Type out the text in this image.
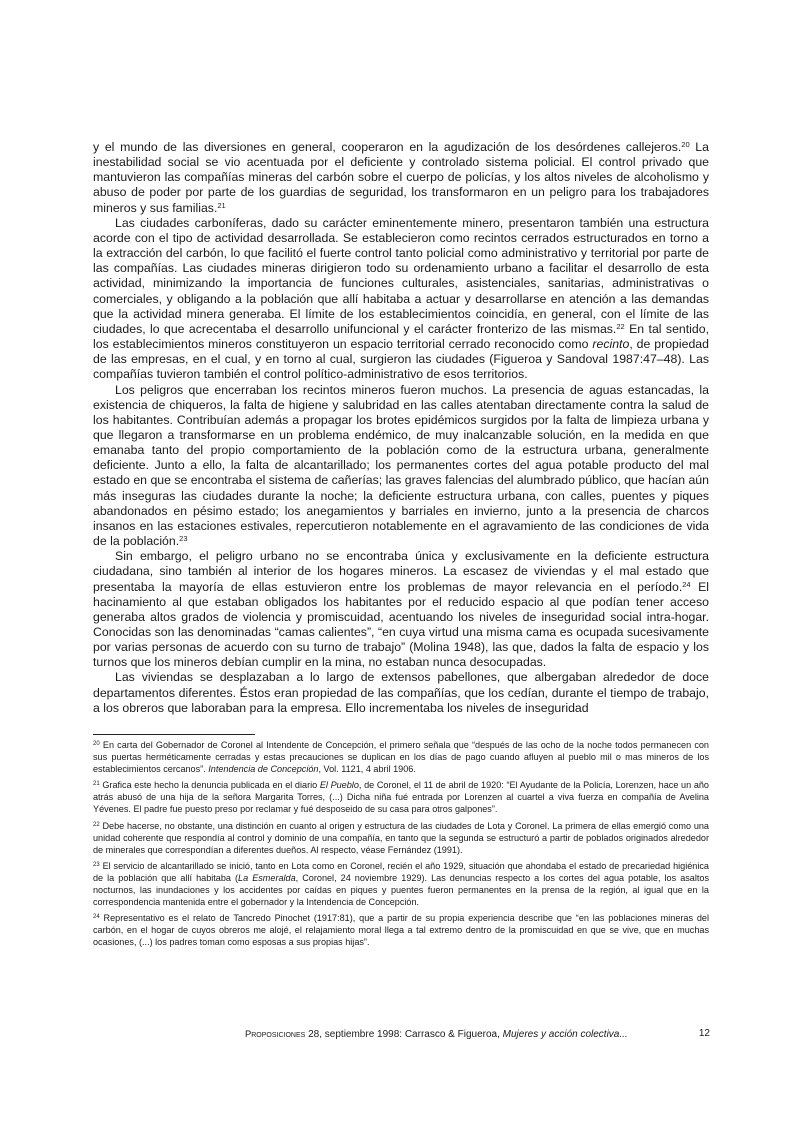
y el mundo de las diversiones en general, cooperaron en la agudización de los desórdenes callejeros.$^{20}$ La inestabilidad social se vio acentuada por el deficiente y controlado sistema policial. El control privado que mantuvieron las compañías mineras del carbón sobre el cuerpo de policías, y los altos niveles de alcoholismo y abuso de poder por parte de los guardias de seguridad, los transformaron en un peligro para los trabajadores mineros y sus familias.$^{21}$

Las ciudades carboníferas, dado su carácter eminentemente minero, presentaron también una estructura acorde con el tipo de actividad desarrollada. Se establecieron como recintos cerrados estructurados en torno a la extracción del carbón, lo que facilitó el fuerte control tanto policial como administrativo y territorial por parte de las compañías. Las ciudades mineras dirigieron todo su ordenamiento urbano a facilitar el desarrollo de esta actividad, minimizando la importancia de funciones culturales, asistenciales, sanitarias, administrativas o comerciales, y obligando a la población que allí habitaba a actuar y desarrollarse en atención a las demandas que la actividad minera generaba. El límite de los establecimientos coincidía, en general, con el límite de las ciudades, lo que acrecentaba el desarrollo unifuncional y el carácter fronterizo de las mismas.$^{22}$ En tal sentido, los establecimientos mineros constituyeron un espacio territorial cerrado reconocido como recinto, de propiedad de las empresas, en el cual, y en torno al cual, surgieron las ciudades (Figueroa y Sandoval 1987:47–48). Las compañías tuvieron también el control político-administrativo de esos territorios.

Los peligros que encerraban los recintos mineros fueron muchos. La presencia de aguas estancadas, la existencia de chiqueros, la falta de higiene y salubridad en las calles atentaban directamente contra la salud de los habitantes. Contribuían además a propagar los brotes epidémicos surgidos por la falta de limpieza urbana y que llegaron a transformarse en un problema endémico, de muy inalcanzable solución, en la medida en que emanaba tanto del propio comportamiento de la población como de la estructura urbana, generalmente deficiente. Junto a ello, la falta de alcantarillado; los permanentes cortes del agua potable producto del mal estado en que se encontraba el sistema de cañerías; las graves falencias del alumbrado público, que hacían aún más inseguras las ciudades durante la noche; la deficiente estructura urbana, con calles, puentes y piques abandonados en pésimo estado; los anegamientos y barriales en invierno, junto a la presencia de charcos insanos en las estaciones estivales, repercutieron notablemente en el agravamiento de las condiciones de vida de la población.$^{23}$

Sin embargo, el peligro urbano no se encontraba única y exclusivamente en la deficiente estructura ciudadana, sino también al interior de los hogares mineros. La escasez de viviendas y el mal estado que presentaba la mayoría de ellas estuvieron entre los problemas de mayor relevancia en el período.$^{24}$ El hacinamiento al que estaban obligados los habitantes por el reducido espacio al que podían tener acceso generaba altos grados de violencia y promiscuidad, acentuando los niveles de inseguridad social intra-hogar. Conocidas son las denominadas “camas calientes”, “en cuya virtud una misma cama es ocupada sucesivamente por varias personas de acuerdo con su turno de trabajo” (Molina 1948), las que, dados la falta de espacio y los turnos que los mineros debían cumplir en la mina, no estaban nunca desocupadas.

Las viviendas se desplazaban a lo largo de extensos pabellones, que albergaban alrededor de doce departamentos diferentes. Éstos eran propiedad de las compañías, que los cedían, durante el tiempo de trabajo, a los obreros que laboraban para la empresa. Ello incrementaba los niveles de inseguridad

$^{20}$ En carta del Gobernador de Coronel al Intendente de Concepción, el primero señala que “después de las ocho de la noche todos permanecen con sus puertas herméticamente cerradas y estas precauciones se duplican en los días de pago cuando afluyen al pueblo mil o mas mineros de los establecimientos cercanos”. Intendencia de Concepción, Vol. 1121, 4 abril 1906.

$^{21}$ Grafica este hecho la denuncia publicada en el diario El Pueblo, de Coronel, el 11 de abril de 1920: “El Ayudante de la Policía, Lorenzen, hace un año atrás abusó de una hija de la señora Margarita Torres, (...) Dicha niña fué entrada por Lorenzen al cuartel a viva fuerza en compañía de Avelina Yévenes. El padre fue puesto preso por reclamar y fué desposeido de su casa para otros galpones”.

$^{22}$ Debe hacerse, no obstante, una distinción en cuanto al origen y estructura de las ciudades de Lota y Coronel. La primera de ellas emergió como una unidad coherente que respondía al control y dominio de una compañía, en tanto que la segunda se estructuró a partir de poblados originados alrededor de minerales que correspondían a diferentes dueños. Al respecto, véase Fernández (1991).

$^{23}$ El servicio de alcantarillado se inició, tanto en Lota como en Coronel, recién el año 1929, situación que ahondaba el estado de precariedad higiénica de la población que allí habitaba (La Esmeralda, Coronel, 24 noviembre 1929). Las denuncias respecto a los cortes del agua potable, los asaltos nocturnos, las inundaciones y los accidentes por caídas en piques y puentes fueron permanentes en la prensa de la región, al igual que en la correspondencia mantenida entre el gobernador y la Intendencia de Concepción.

$^{24}$ Representativo es el relato de Tancredo Pinochet (1917:81), que a partir de su propia experiencia describe que “en las poblaciones mineras del carbón, en el hogar de cuyos obreros me alojé, el relajamiento moral llega a tal extremo dentro de la promiscuidad en que se vive, que en muchas ocasiones, (...) los padres toman como esposas a sus propias hijas”.

Proposiciones 28, septiembre 1998: Carrasco & Figueroa, Mujeres y acción colectiva...	12
